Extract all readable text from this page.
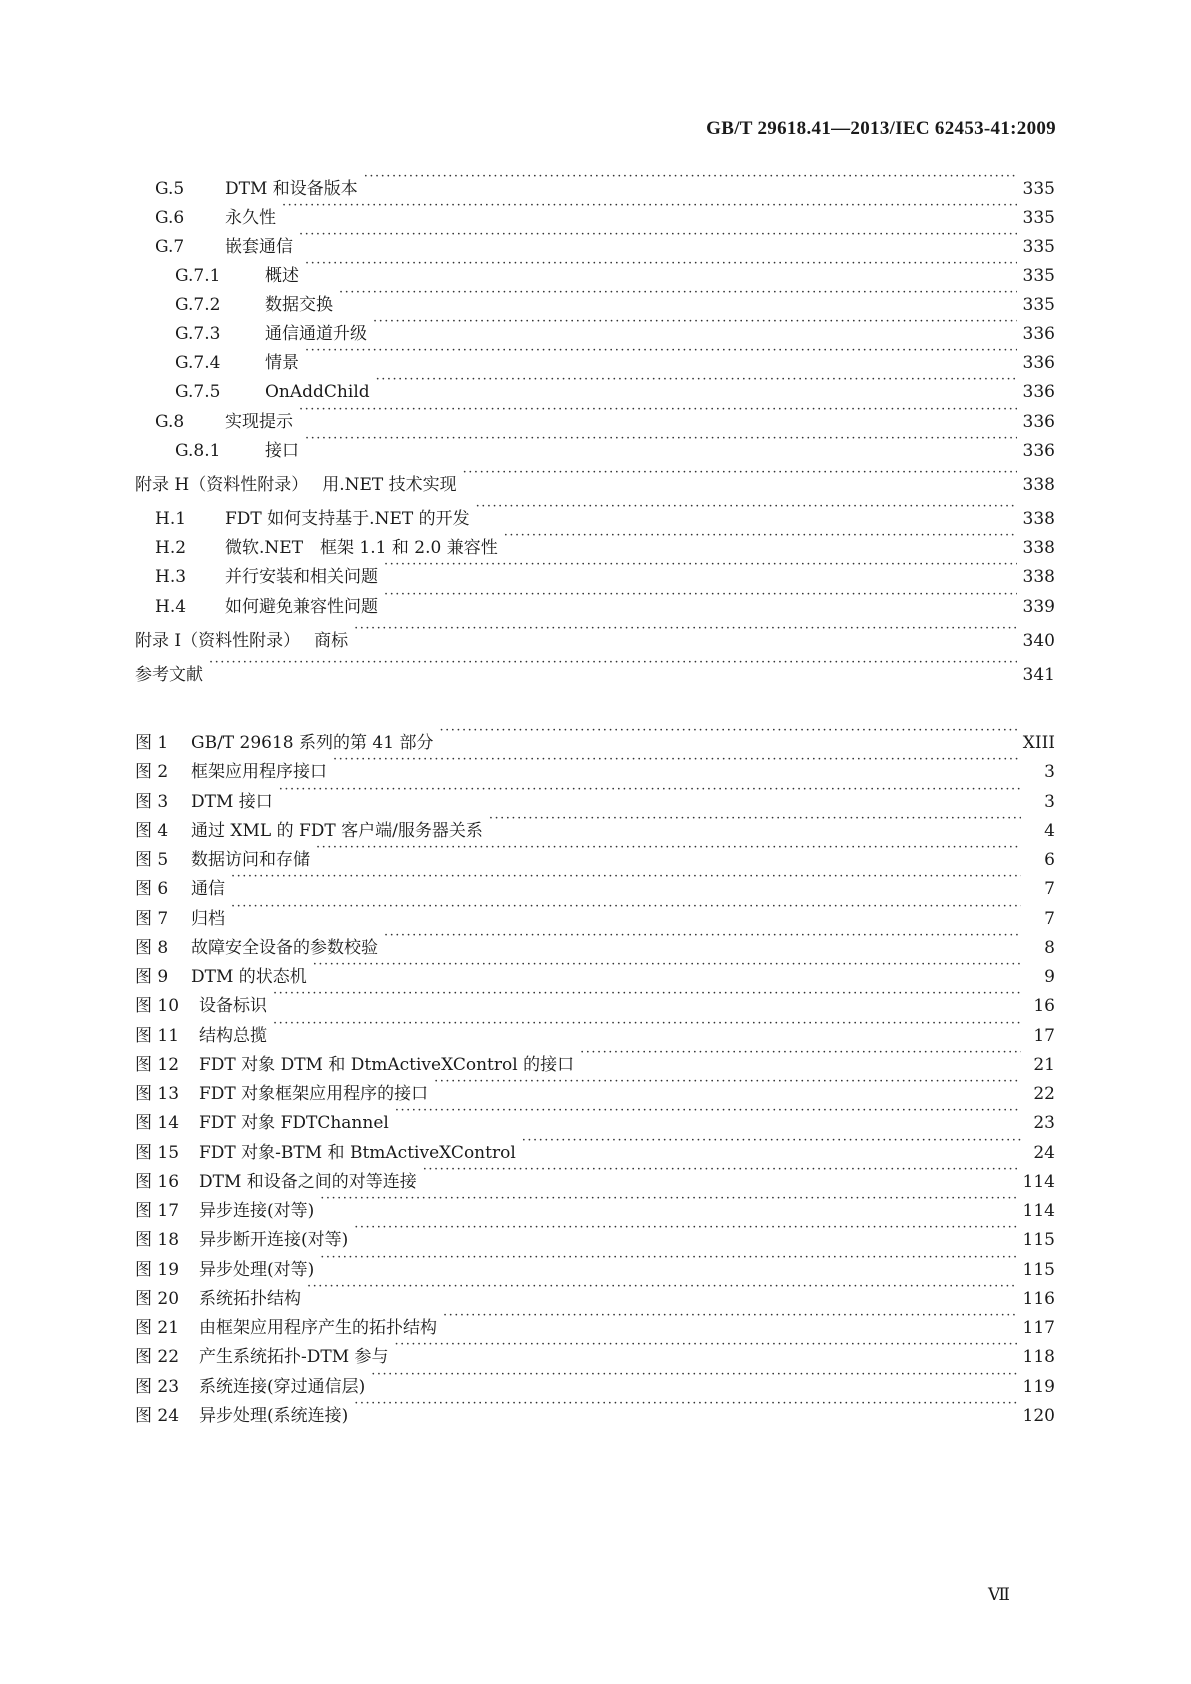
GB/T 29618.41—2013/IEC 62453-41:2009
G.5	DTM 和设备版本 ·····	335
G.6	永久性 ·····	335
G.7	嵌套通信 ·····	335
G.7.1	概述 ·····	335
G.7.2	数据交换 ·····	335
G.7.3	通信通道升级 ·····	336
G.7.4	情景 ·····	336
G.7.5	OnAddChild ·····	336
G.8	实现提示 ·····	336
G.8.1	接口 ·····	336
附录 H（资料性附录） 用.NET 技术实现 ·····	338
H.1	FDT 如何支持基于.NET 的开发 ·····	338
H.2	微软.NET　框架 1.1 和 2.0 兼容性 ·····	338
H.3	并行安装和相关问题 ·····	338
H.4	如何避免兼容性问题 ·····	339
附录 I（资料性附录） 商标 ·····	340
参考文献 ·····	341
图 1	GB/T 29618 系列的第 41 部分 ·····	XIII
图 2	框架应用程序接口 ·····	3
图 3	DTM 接口 ·····	3
图 4	通过 XML 的 FDT 客户端/服务器关系 ·····	4
图 5	数据访问和存储 ·····	6
图 6	通信 ·····	7
图 7	归档 ·····	7
图 8	故障安全设备的参数校验 ·····	8
图 9	DTM 的状态机 ·····	9
图 10	设备标识 ·····	16
图 11	结构总揽 ·····	17
图 12	FDT 对象 DTM 和 DtmActiveXControl 的接口 ·····	21
图 13	FDT 对象框架应用程序的接口 ·····	22
图 14	FDT 对象 FDTChannel ·····	23
图 15	FDT 对象-BTM 和 BtmActiveXControl ·····	24
图 16	DTM 和设备之间的对等连接 ·····	114
图 17	异步连接(对等) ·····	114
图 18	异步断开连接(对等) ·····	115
图 19	异步处理(对等) ·····	115
图 20	系统拓扑结构 ·····	116
图 21	由框架应用程序产生的拓扑结构 ·····	117
图 22	产生系统拓扑-DTM 参与 ·····	118
图 23	系统连接(穿过通信层) ·····	119
图 24	异步处理(系统连接) ·····	120
Ⅶ
